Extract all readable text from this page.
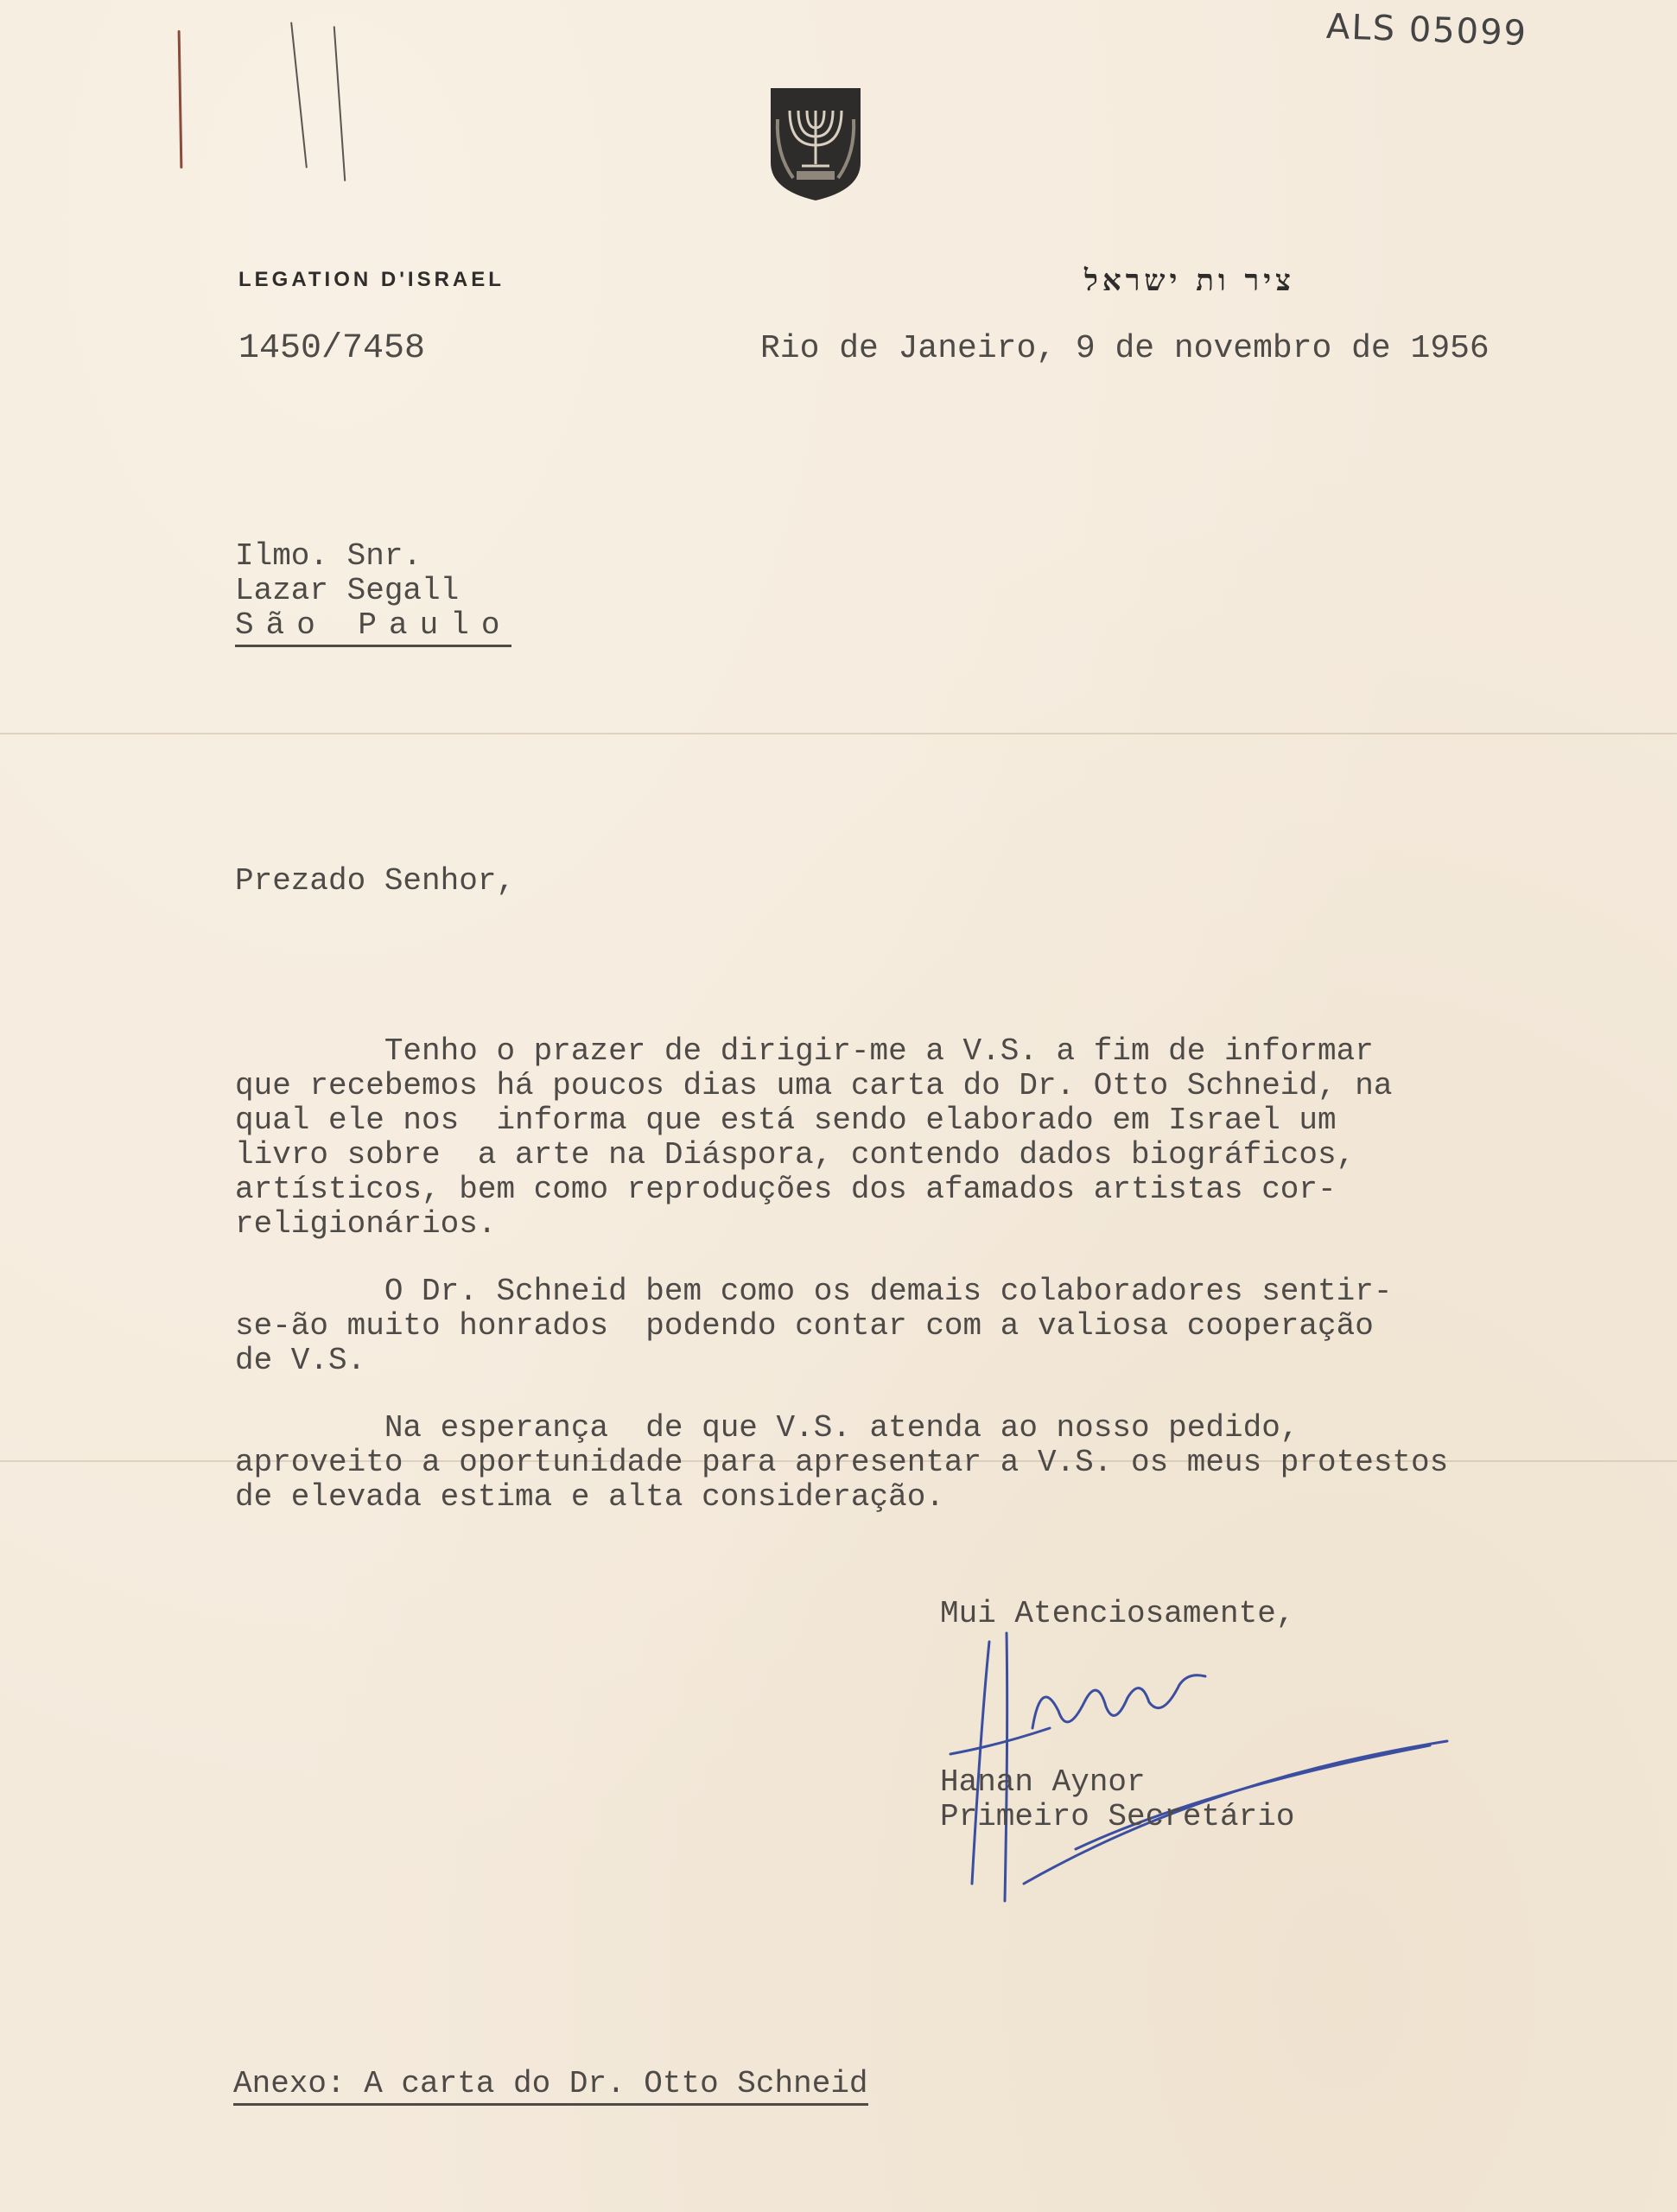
ALS 05099
LEGATION D'ISRAEL	ציר ות ישראל
1450/7458	Rio de Janeiro, 9 de novembro de 1956
Ilmo. Snr.
Lazar Segall
São Paulo
Prezado Senhor,
Tenho o prazer de dirigir-me a V.S. a fim de informar
que recebemos há poucos dias uma carta do Dr. Otto Schneid, na
qual ele nos  informa que está sendo elaborado em Israel um
livro sobre  a arte na Diáspora, contendo dados biográficos,
artísticos, bem como reproduções dos afamados artistas cor-
religionários.
O Dr. Schneid bem como os demais colaboradores sentir-
se-ão muito honrados  podendo contar com a valiosa cooperação
de V.S.
Na esperança  de que V.S. atenda ao nosso pedido,
aproveito a oportunidade para apresentar a V.S. os meus protestos
de elevada estima e alta consideração.
Mui Atenciosamente,
Hanan Aynor
Primeiro Secretário
Anexo: A carta do Dr. Otto Schneid
